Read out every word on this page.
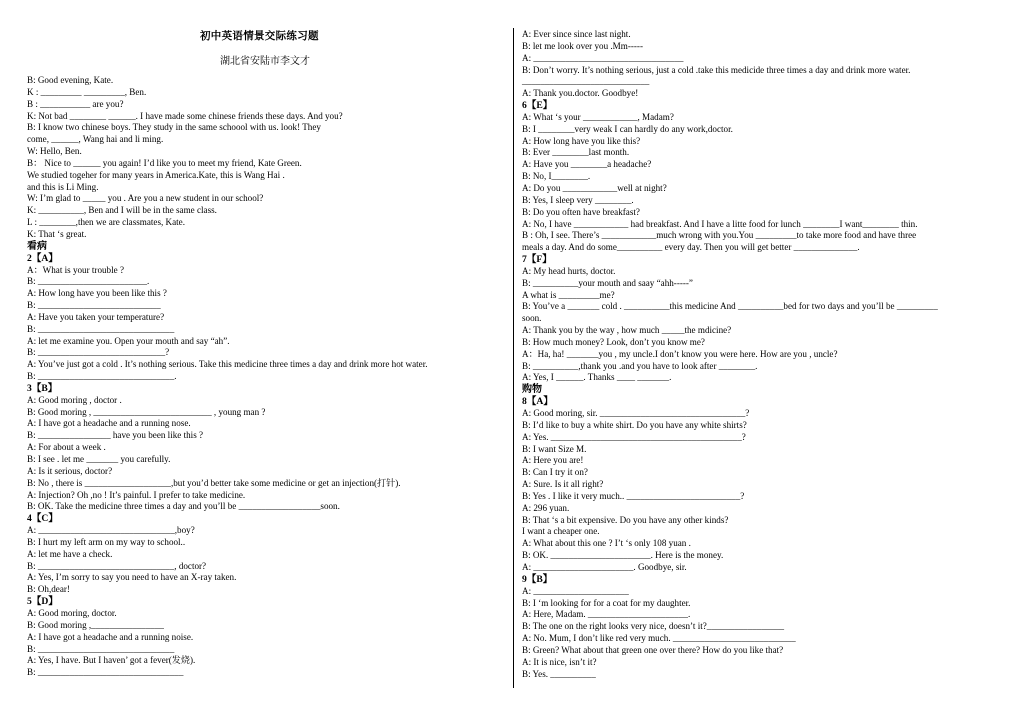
初中英语情景交际练习题
湖北省安陆市李文才
B: Good evening, Kate.
K : _________ _________, Ben.
B : ___________ are you?
K: Not bad ________ ______. I have made some chinese friends these days. And you?
B: I know two chinese boys. They study in the same schoool with us. look! They
come, ______, Wang hai and li ming.
W: Hello, Ben.
B： Nice to ______ you again! I’d like you to meet my friend, Kate Green.
We studied togeher for many years in America.Kate, this is Wang Hai .
and this is Li Ming.
W: I’m glad to _____ you . Are you a new student in our school?
K: __________, Ben and I will be in the same class.
L : ________,then we are classmates, Kate.
K: That ‘s great.
看病
2【A】
A：What is your trouble ?
B: ________________________.
A: How long have you been like this ?
B: ___________________________
A: Have you taken your temperature?
B: ______________________________
A: let me examine you. Open your mouth and say “ah”.
B: ____________________________?
A: You’ve just got a cold . It’s nothing serious. Take this medicine three times a day and drink more hot water.
B: ______________________________.
3【B】
A: Good moring , doctor .
B: Good moring , __________________________ , young man ?
A: I have got a headache and a running nose.
B: ________________ have you been like this ?
A: For about a week .
B: I see . let me _______ you carefully.
A: Is it serious, doctor?
B: No , there is ___________________,but you’d better take some medicine or get an injection(打针).
A: Injection? Oh ,no ! It’s painful. I prefer to take medicine.
B: OK. Take the medicine three times a day and you’ll be __________________soon.
4【C】
A: ______________________________,boy?
B: I hurt my left arm on my way to school..
A: let me have a check.
B: ______________________________, doctor?
A: Yes, I’m sorry to say you need to have an X-ray taken.
B: Oh,dear!
5【D】
A: Good moring, doctor.
B: Good moring ,________________
A: I have got a headache and a running noise.
B: ______________________________
A: Yes, I have. But I haven’ got a fever(发烧).
B: ________________________________
A: Ever since since last night.
B: let me look over you .Mm-----
A: _________________________________
B: Don’t worry. It’s nothing serious, just a cold .take this medicide three times a day and drink more water.
____________________________
A: Thank you.doctor. Goodbye!
6【E】
A: What ‘s your ____________, Madam?
B: I ________very weak I can hardly do any work,doctor.
A: How long have you like this?
B: Ever ________last month.
A: Have you ________a headache?
B: No, I________.
A: Do you ____________well at night?
B: Yes, I sleep very ________.
B: Do you often have breakfast?
A: No, I have ____________ had breakfast. And I have a litte food for lunch ________I want________ thin.
B : Oh, I see. There’s ____________much wrong with you.You _________to take more food and have three
meals a day. And do some__________ every day. Then you will get better ______________.
7【F】
A: My head hurts, doctor.
B: __________your mouth and saay “ahh-----”
A what is _________me?
B: You’ve a _______ cold . __________this medicine And __________bed for two days and you’ll be _________
soon.
A: Thank you by the way , how much _____the mdicine?
B: How much money? Look, don’t you know me?
A：Ha, ha! _______you , my uncle.I don’t know you were here. How are you , uncle?
B: __________,thank you .and you have to look after ________.
A: Yes, I ______. Thanks ____ _______.
购物
8【A】
A: Good moring, sir. ________________________________?
B: I’d like to buy a white shirt. Do you have any white shirts?
A: Yes. __________________________________________?
B: I want Size M.
A: Here you are!
B: Can I try it on?
A: Sure. Is it all right?
B: Yes . I like it very much.. _________________________?
A: 296 yuan.
B: That ‘s a bit expensive. Do you have any other kinds?
I want a cheaper one.
A: What about this one ? I’t ‘s only 108 yuan .
B: OK. ______________________. Here is the money.
A: ______________________. Goodbye, sir.
9【B】
A: _____________________
B: I ‘m looking for for a coat for my daughter.
A: Here, Madam. ______________________.
B: The one on the right looks very nice, doesn’t it?_________________
A: No. Mum, I don’t like red very much. ___________________________
B: Green? What about that green one over there? How do you like that?
A: It is nice, isn’t it?
B: Yes. __________
